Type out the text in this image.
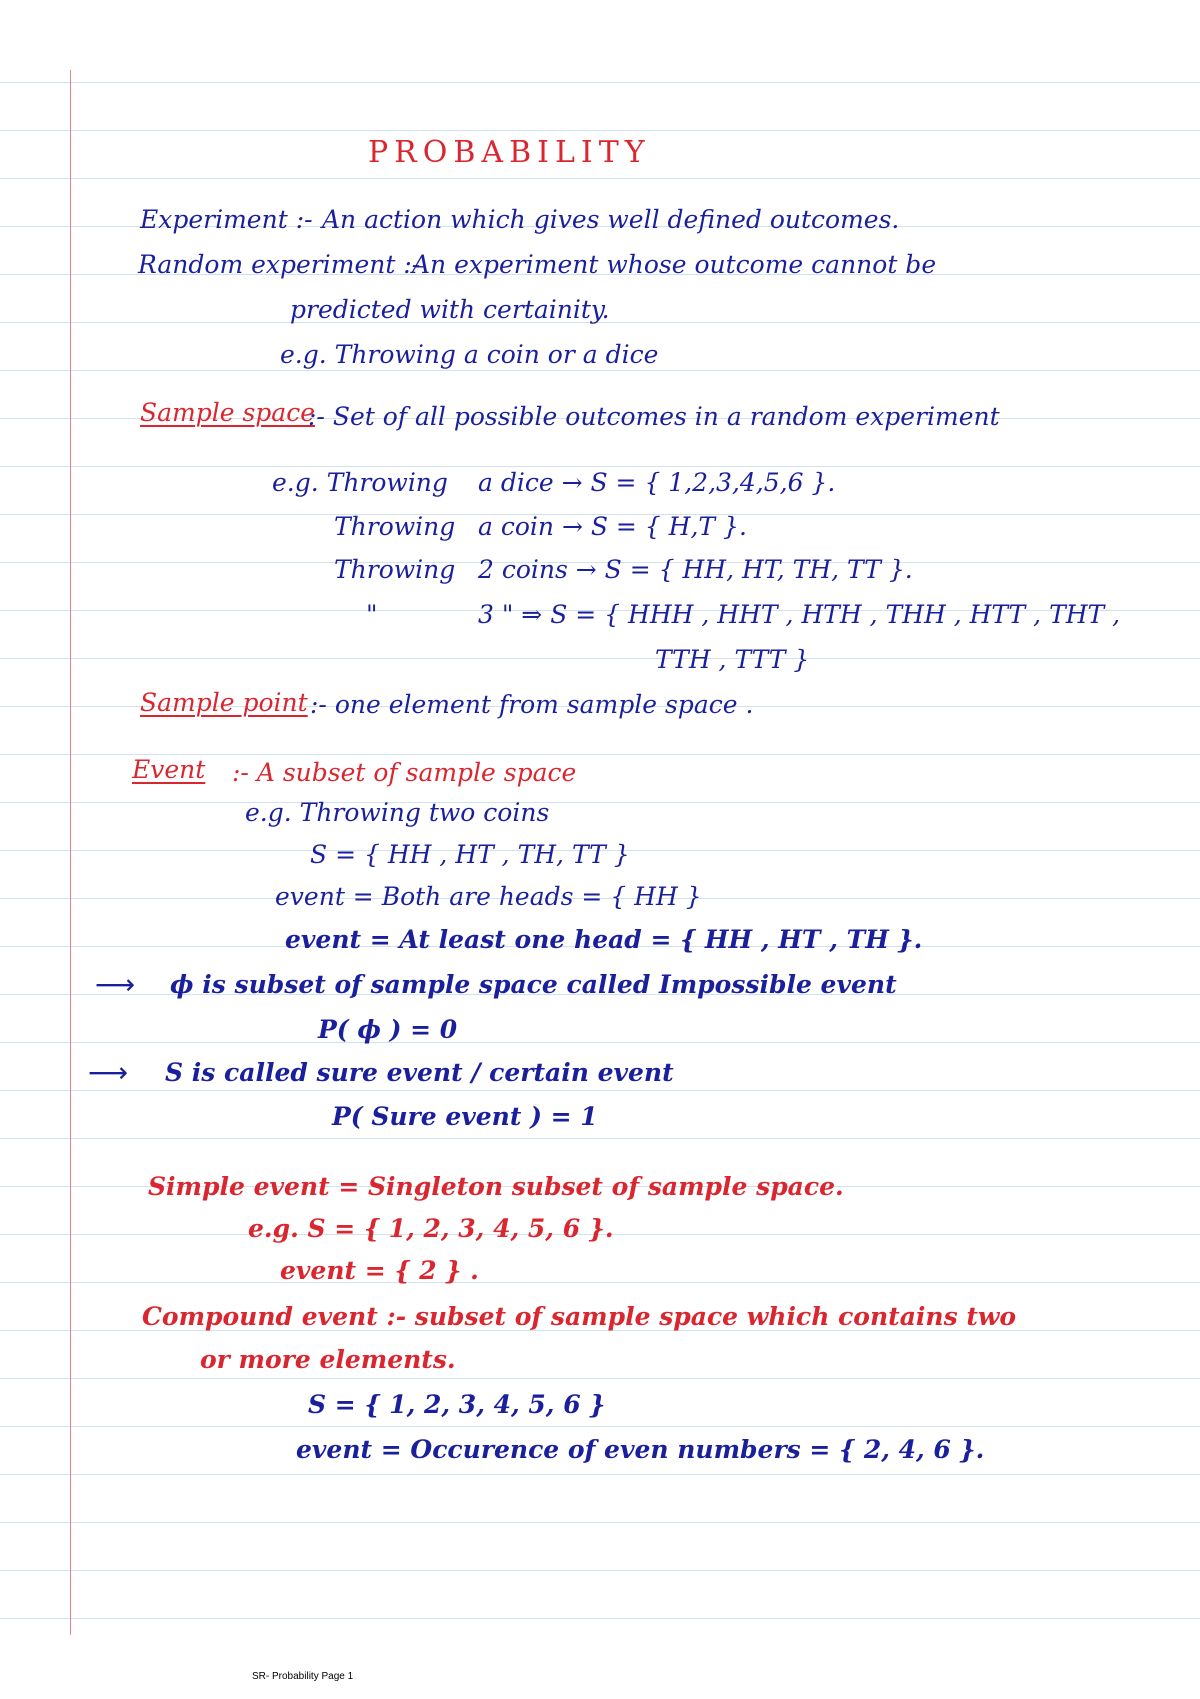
PROBABILITY
Experiment :- An action which gives well defined outcomes.
Random experiment :-
An experiment whose outcome cannot be
predicted with certainity.
e.g. Throwing a coin or a dice
Sample space
:- Set of all possible outcomes in a random experiment
e.g. Throwing a dice → S = { 1,2,3,4,5,6 }.
Throwing a coin → S = { H,T }.
Throwing 2 coins → S = { HH, HT, TH, TT }.
"	3 " ⇒ S = { HHH , HHT , HTH , THH , HTT , THT ,
TTH , TTT }
Sample point :- one element from sample space .
Event :- A subset of sample space
e.g. Throwing two coins
S = { HH , HT , TH, TT }
event = Both are heads = { HH }
event = At least one head = { HH , HT , TH }.
⟶ ϕ is subset of sample space called Impossible event
P( ϕ ) = 0
⟶ S is called sure event / certain event
P( Sure event ) = 1
Simple event = Singleton subset of sample space.
e.g. S = { 1, 2, 3, 4, 5, 6 }.
event = { 2 } .
Compound event :- subset of sample space which contains two
or more elements.
S = { 1, 2, 3, 4, 5, 6 }
event = Occurence of even numbers = { 2, 4, 6 }.
SR- Probability Page 1
